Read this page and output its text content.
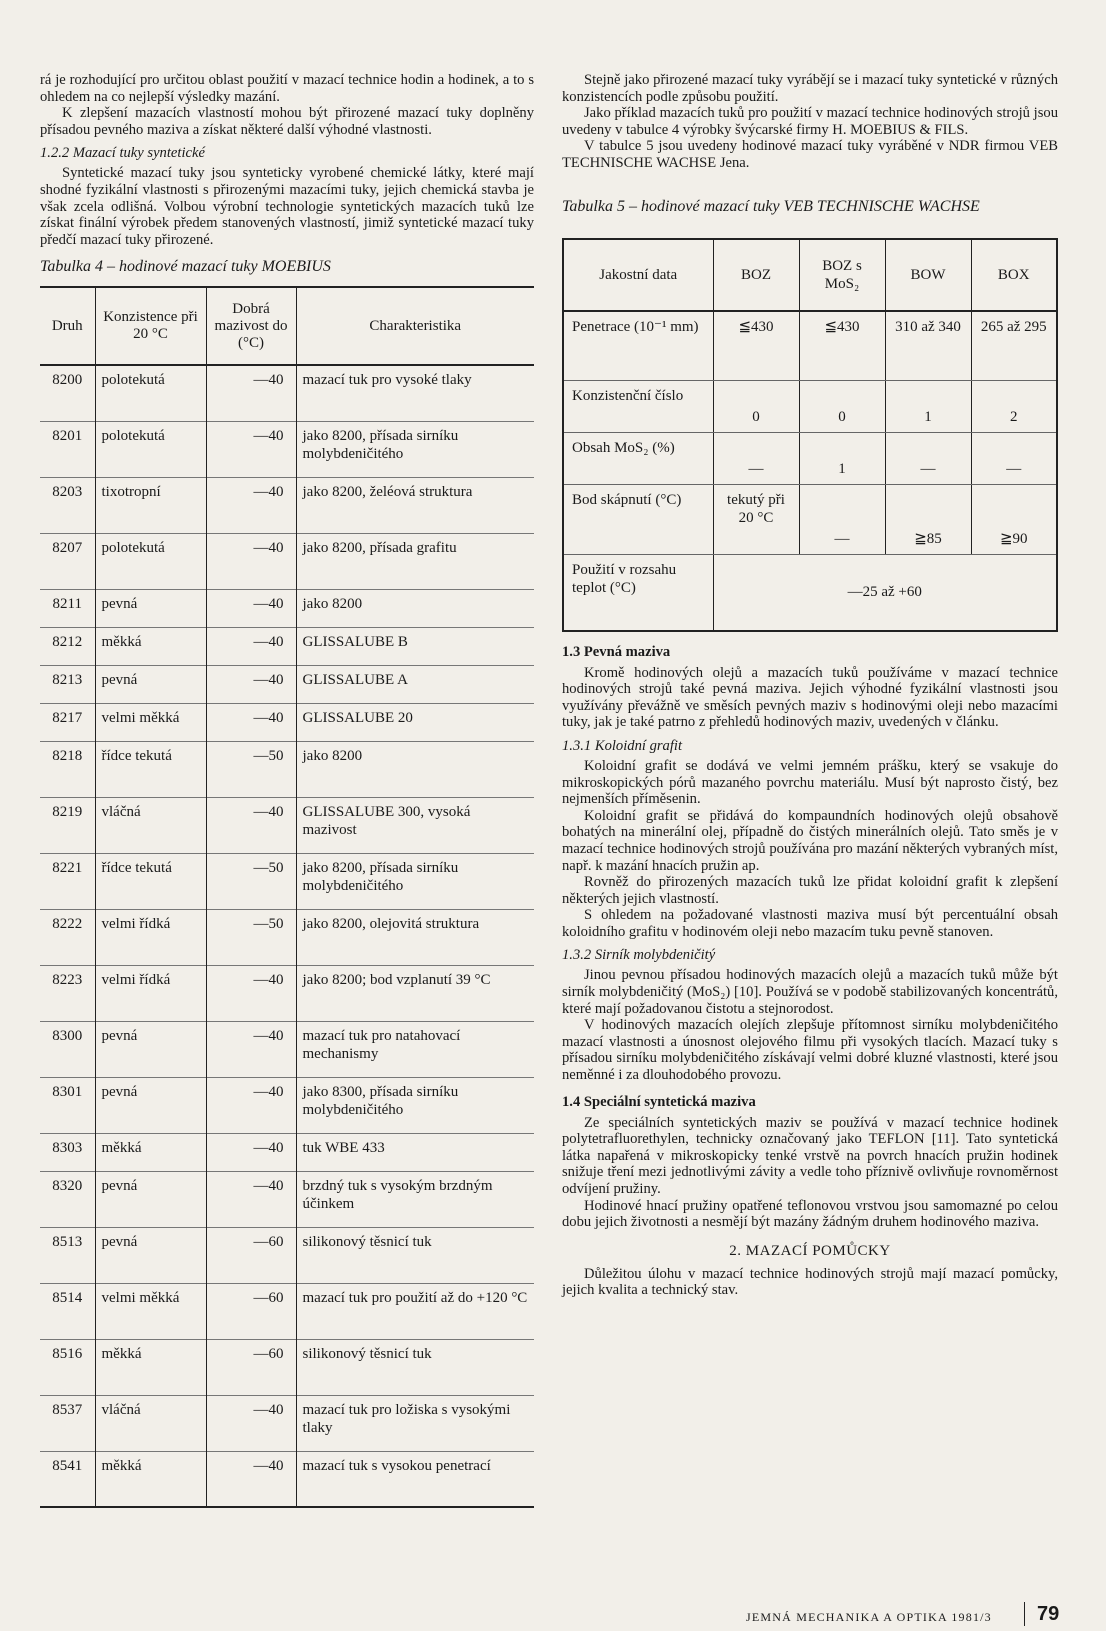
rá je rozhodující pro určitou oblast použití v mazací technice hodin a hodinek, a to s ohledem na co nejlepší výsledky mazání.

K zlepšení mazacích vlastností mohou být přirozené mazací tuky doplněny přísadou pevného maziva a získat některé další výhodné vlastnosti.

1.2.2 Mazací tuky syntetické

Syntetické mazací tuky jsou synteticky vyrobené chemické látky, které mají shodné fyzikální vlastnosti s přirozenými mazacími tuky, jejich chemická stavba je však zcela odlišná. Volbou výrobní technologie syntetických mazacích tuků lze získat finální výrobek předem stanovených vlastností, jimiž syntetické mazací tuky předčí mazací tuky přirozené.

Tabulka 4 – hodinové mazací tuky MOEBIUS
Druh	Konzistence při 20 °C	Dobrá mazivost do (°C)	Charakteristika
8200	polotekutá	—40	mazací tuk pro vysoké tlaky
8201	polotekutá	—40	jako 8200, přísada sirníku molybdeničitého
8203	tixotropní	—40	jako 8200, želéová struktura
8207	polotekutá	—40	jako 8200, přísada grafitu
8211	pevná	—40	jako 8200
8212	měkká	—40	GLISSALUBE B
8213	pevná	—40	GLISSALUBE A
8217	velmi měkká	—40	GLISSALUBE 20
8218	řídce tekutá	—50	jako 8200
8219	vláčná	—40	GLISSALUBE 300, vysoká mazivost
8221	řídce tekutá	—50	jako 8200, přísada sirníku molybdeničitého
8222	velmi řídká	—50	jako 8200, olejovitá struktura
8223	velmi řídká	—40	jako 8200; bod vzplanutí 39 °C
8300	pevná	—40	mazací tuk pro natahovací mechanismy
8301	pevná	—40	jako 8300, přísada sirníku molybdeničitého
8303	měkká	—40	tuk WBE 433
8320	pevná	—40	brzdný tuk s vysokým brzdným účinkem
8513	pevná	—60	silikonový těsnicí tuk
8514	velmi měkká	—60	mazací tuk pro použití až do +120 °C
8516	měkká	—60	silikonový těsnicí tuk
8537	vláčná	—40	mazací tuk pro ložiska s vysokými tlaky
8541	měkká	—40	mazací tuk s vysokou penetrací

Stejně jako přirozené mazací tuky vyrábějí se i mazací tuky syntetické v různých konzistencích podle způsobu použití.

Jako příklad mazacích tuků pro použití v mazací technice hodinových strojů jsou uvedeny v tabulce 4 výrobky švýcarské firmy H. MOEBIUS & FILS.

V tabulce 5 jsou uvedeny hodinové mazací tuky vyráběné v NDR firmou VEB TECHNISCHE WACHSE Jena.

Tabulka 5 – hodinové mazací tuky VEB TECHNISCHE WACHSE
Jakostní data	BOZ	BOZ s MoS₂	BOW	BOX
Penetrace (10⁻¹ mm)	≦430	≦430	310 až 340	265 až 295
Konzistenční číslo	0	0	1	2
Obsah MoS₂ (%)	—	1	—	—
Bod skápnutí (°C)	tekutý při 20 °C	—	≧85	≧90
Použití v rozsahu teplot (°C)	—25 až +60			
1.3 Pevná maziva

Kromě hodinových olejů a mazacích tuků používáme v mazací technice hodinových strojů také pevná maziva. Jejich výhodné fyzikální vlastnosti jsou využívány převážně ve směsích pevných maziv s hodinovými oleji nebo mazacími tuky, jak je také patrno z přehledů hodinových maziv, uvedených v článku.

1.3.1 Koloidní grafit

Koloidní grafit se dodává ve velmi jemném prášku, který se vsakuje do mikroskopických pórů mazaného povrchu materiálu. Musí být naprosto čistý, bez nejmenších příměsenin.

Koloidní grafit se přidává do kompaundních hodinových olejů obsahově bohatých na minerální olej, případně do čistých minerálních olejů. Tato směs je v mazací technice hodinových strojů používána pro mazání některých vybraných míst, např. k mazání hnacích pružin ap.

Rovněž do přirozených mazacích tuků lze přidat koloidní grafit k zlepšení některých jejich vlastností.

S ohledem na požadované vlastnosti maziva musí být percentuální obsah koloidního grafitu v hodinovém oleji nebo mazacím tuku pevně stanoven.

1.3.2 Sirník molybdeničitý

Jinou pevnou přísadou hodinových mazacích olejů a mazacích tuků může být sirník molybdeničitý (MoS₂) [10]. Používá se v podobě stabilizovaných koncentrátů, které mají požadovanou čistotu a stejnorodost.

V hodinových mazacích olejích zlepšuje přítomnost sirníku molybdeničitého mazací vlastnosti a únosnost olejového filmu při vysokých tlacích. Mazací tuky s přísadou sirníku molybdeničitého získávají velmi dobré kluzné vlastnosti, které jsou neměnné i za dlouhodobého provozu.

1.4 Speciální syntetická maziva

Ze speciálních syntetických maziv se používá v mazací technice hodinek polytetrafluorethylen, technicky označovaný jako TEFLON [11]. Tato syntetická látka napařená v mikroskopicky tenké vrstvě na povrch hnacích pružin hodinek snižuje tření mezi jednotlivými závity a vedle toho příznivě ovlivňuje rovnoměrnost odvíjení pružiny.

Hodinové hnací pružiny opatřené teflonovou vrstvou jsou samomazné po celou dobu jejich životnosti a nesmějí být mazány žádným druhem hodinového maziva.

2. MAZACÍ POMŮCKY

Důležitou úlohu v mazací technice hodinových strojů mají mazací pomůcky, jejich kvalita a technický stav.

JEMNÁ MECHANIKA A OPTIKA 1981/3 79
